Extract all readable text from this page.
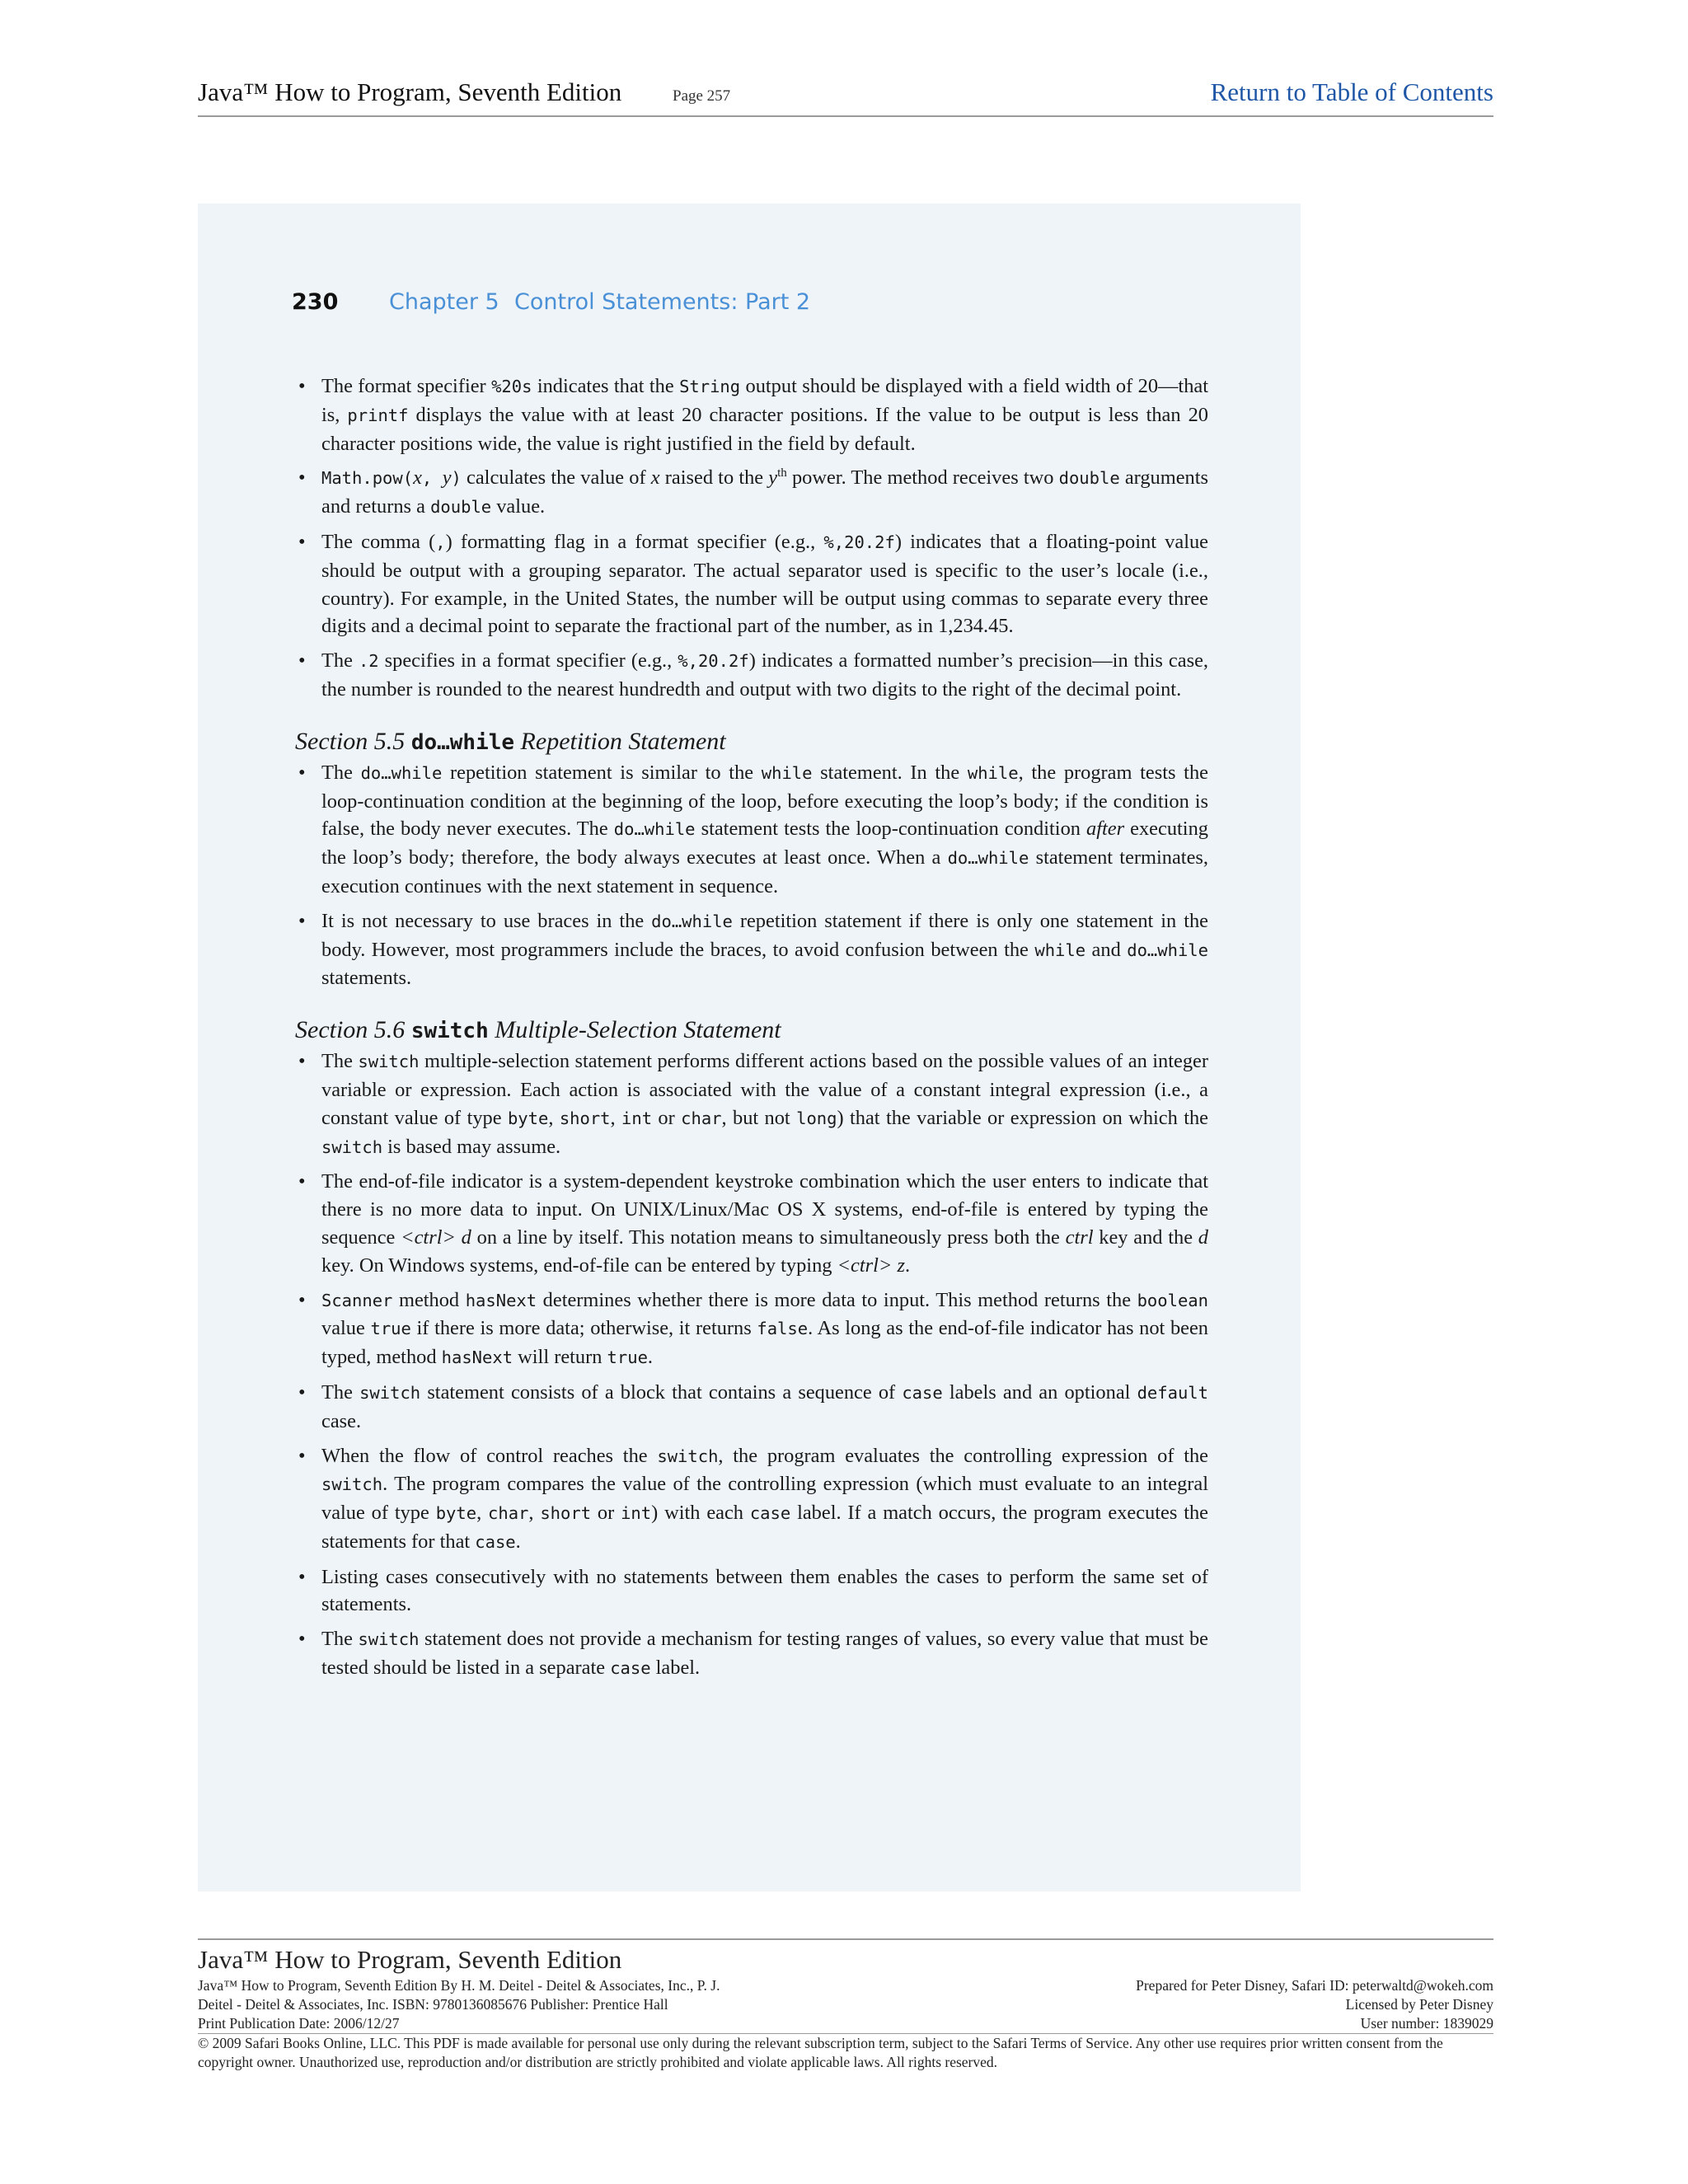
Java™ How to Program, Seventh Edition	Page 257	Return to Table of Contents
230 Chapter 5 Control Statements: Part 2
• The format specifier %20s indicates that the String output should be displayed with a field width of 20—that is, printf displays the value with at least 20 character positions. If the value to be output is less than 20 character positions wide, the value is right justified in the field by default.
• Math.pow(x, y) calculates the value of x raised to the $y^{th}$ power. The method receives two double arguments and returns a double value.
• The comma (,) formatting flag in a format specifier (e.g., %,20.2f) indicates that a floating-point value should be output with a grouping separator. The actual separator used is specific to the user’s locale (i.e., country). For example, in the United States, the number will be output using commas to separate every three digits and a decimal point to separate the fractional part of the number, as in 1,234.45.
• The .2 specifies in a format specifier (e.g., %,20.2f) indicates a formatted number’s precision—in this case, the number is rounded to the nearest hundredth and output with two digits to the right of the decimal point.
Section 5.5 do…while Repetition Statement
• The do…while repetition statement is similar to the while statement. In the while, the program tests the loop-continuation condition at the beginning of the loop, before executing the loop’s body; if the condition is false, the body never executes. The do…while statement tests the loop-continuation condition after executing the loop’s body; therefore, the body always executes at least once. When a do…while statement terminates, execution continues with the next statement in sequence.
• It is not necessary to use braces in the do…while repetition statement if there is only one statement in the body. However, most programmers include the braces, to avoid confusion between the while and do…while statements.
Section 5.6 switch Multiple-Selection Statement
• The switch multiple-selection statement performs different actions based on the possible values of an integer variable or expression. Each action is associated with the value of a constant integral expression (i.e., a constant value of type byte, short, int or char, but not long) that the variable or expression on which the switch is based may assume.
• The end-of-file indicator is a system-dependent keystroke combination which the user enters to indicate that there is no more data to input. On UNIX/Linux/Mac OS X systems, end-of-file is entered by typing the sequence <ctrl> d on a line by itself. This notation means to simultaneously press both the ctrl key and the d key. On Windows systems, end-of-file can be entered by typing <ctrl> z.
• Scanner method hasNext determines whether there is more data to input. This method returns the boolean value true if there is more data; otherwise, it returns false. As long as the end-of-file indicator has not been typed, method hasNext will return true.
• The switch statement consists of a block that contains a sequence of case labels and an optional default case.
• When the flow of control reaches the switch, the program evaluates the controlling expression of the switch. The program compares the value of the controlling expression (which must evaluate to an integral value of type byte, char, short or int) with each case label. If a match occurs, the program executes the statements for that case.
• Listing cases consecutively with no statements between them enables the cases to perform the same set of statements.
• The switch statement does not provide a mechanism for testing ranges of values, so every value that must be tested should be listed in a separate case label.
Java™ How to Program, Seventh Edition
Java™ How to Program, Seventh Edition By H. M. Deitel - Deitel & Associates, Inc., P. J.	Prepared for Peter Disney, Safari ID: peterwaltd@wokeh.com
Deitel - Deitel & Associates, Inc. ISBN: 9780136085676 Publisher: Prentice Hall	Licensed by Peter Disney
Print Publication Date: 2006/12/27	User number: 1839029
© 2009 Safari Books Online, LLC. This PDF is made available for personal use only during the relevant subscription term, subject to the Safari Terms of Service. Any other use requires prior written consent from the copyright owner. Unauthorized use, reproduction and/or distribution are strictly prohibited and violate applicable laws. All rights reserved.
